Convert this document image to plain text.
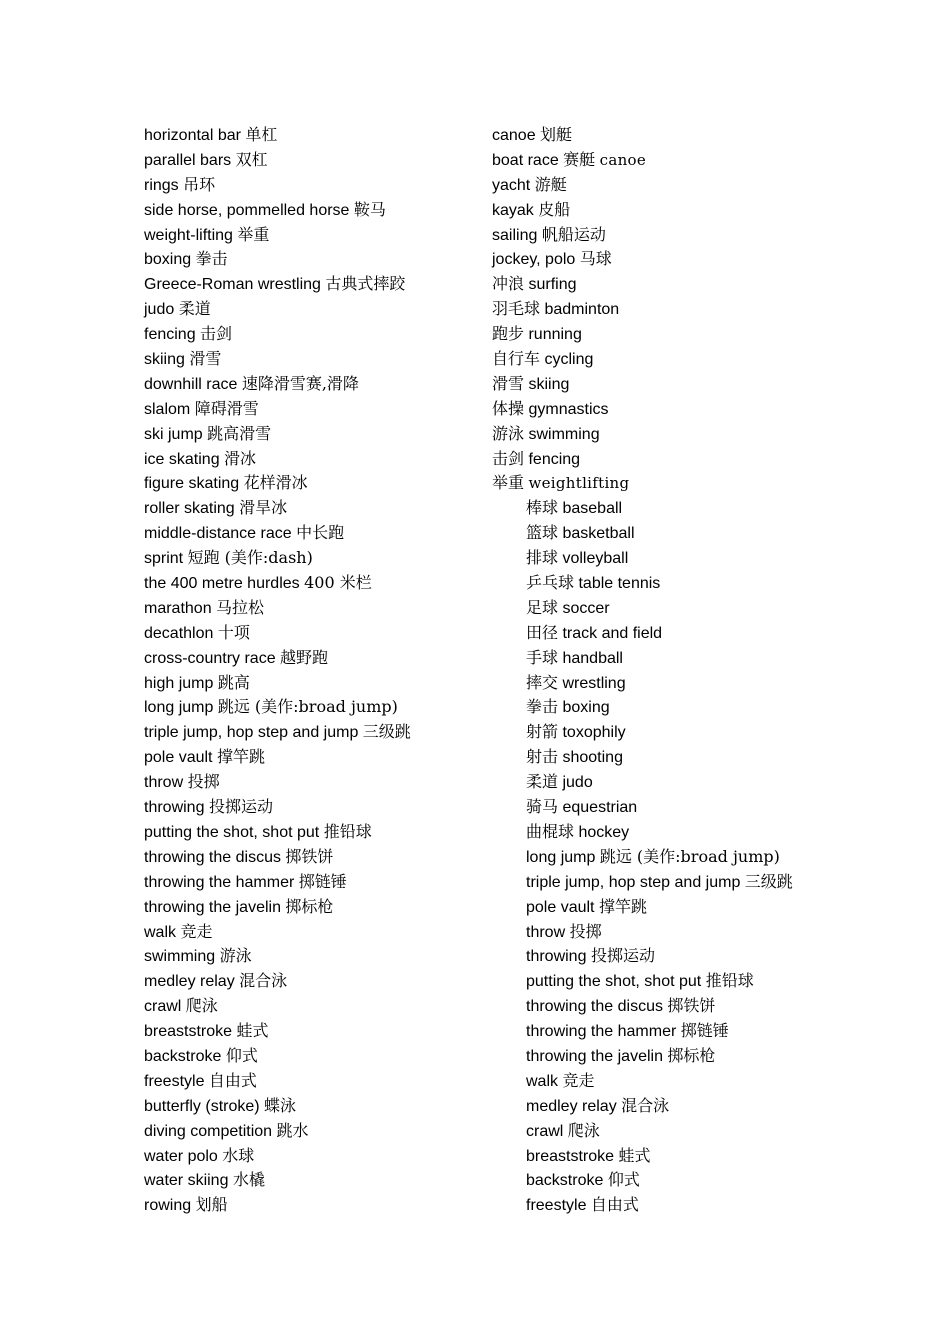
horizontal bar 单杠
parallel bars 双杠
rings 吊环
side horse, pommelled horse 鞍马
weight-lifting 举重
boxing 拳击
Greece-Roman wrestling 古典式摔跤
judo 柔道
fencing 击剑
skiing 滑雪
downhill race 速降滑雪赛,滑降
slalom 障碍滑雪
ski jump 跳高滑雪
ice skating 滑冰
figure skating 花样滑冰
roller skating 滑旱冰
middle-distance race 中长跑
sprint 短跑 (美作:dash)
the 400 metre hurdles 400 米栏
marathon 马拉松
decathlon 十项
cross-country race 越野跑
high jump 跳高
long jump 跳远 (美作:broad jump)
triple jump, hop step and jump 三级跳
pole vault 撑竿跳
throw 投掷
throwing 投掷运动
putting the shot, shot put 推铅球
throwing the discus 掷铁饼
throwing the hammer 掷链锤
throwing the javelin 掷标枪
walk 竞走
swimming 游泳
medley relay 混合泳
crawl 爬泳
breaststroke 蛙式
backstroke 仰式
freestyle 自由式
butterfly (stroke) 蝶泳
diving competition 跳水
water polo 水球
water skiing 水橇
rowing 划船
canoe 划艇
boat race 赛艇 canoe
yacht 游艇
kayak 皮船
sailing 帆船运动
jockey, polo 马球
冲浪 surfing
羽毛球 badminton
跑步 running
自行车 cycling
滑雪 skiing
体操 gymnastics
游泳 swimming
击剑 fencing
举重 weightlifting
棒球 baseball
篮球 basketball
排球 volleyball
乒乓球 table tennis
足球 soccer
田径 track and field
手球 handball
摔交 wrestling
拳击 boxing
射箭 toxophily
射击 shooting
柔道 judo
骑马 equestrian
曲棍球 hockey
long jump 跳远 (美作:broad jump)
triple jump, hop step and jump 三级跳
pole vault 撑竿跳
throw 投掷
throwing 投掷运动
putting the shot, shot put 推铅球
throwing the discus 掷铁饼
throwing the hammer 掷链锤
throwing the javelin 掷标枪
walk 竞走
medley relay 混合泳
crawl 爬泳
breaststroke 蛙式
backstroke 仰式
freestyle 自由式
